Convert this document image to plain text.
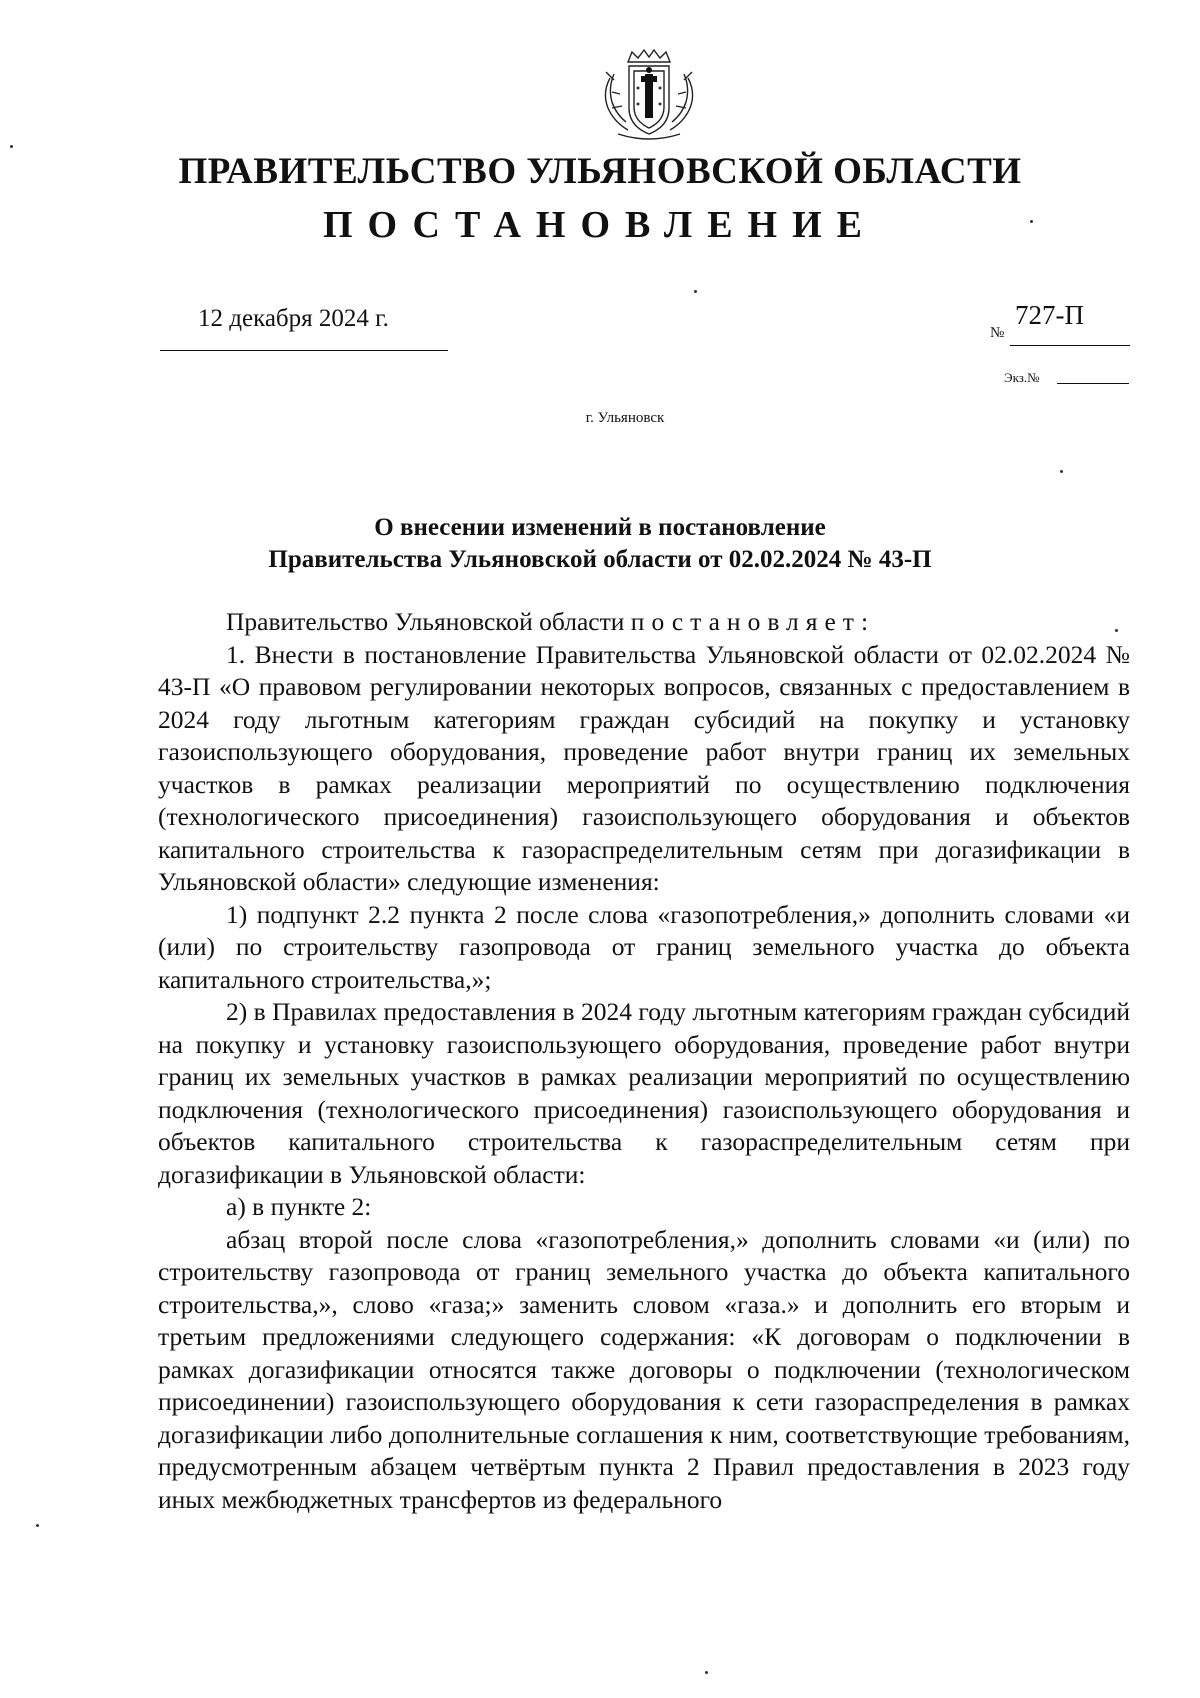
ПРАВИТЕЛЬСТВО УЛЬЯНОВСКОЙ ОБЛАСТИ
ПОСТАНОВЛЕНИЕ
12 декабря 2024 г.
№
727-П
Экз.№
г. Ульяновск
О внесении изменений в постановление
Правительства Ульяновской области от 02.02.2024 № 43-П

Правительство Ульяновской области постановляет:

1. Внести в постановление Правительства Ульяновской области от 02.02.2024 № 43-П «О правовом регулировании некоторых вопросов, связанных с предоставлением в 2024 году льготным категориям граждан субсидий на покупку и установку газоиспользующего оборудования, проведение работ внутри границ их земельных участков в рамках реализации мероприятий по осуществлению подключения (технологического присоединения) газоиспользующего оборудования и объектов капитального строительства к газораспределительным сетям при догазификации в Ульяновской области» следующие изменения:

1) подпункт 2.2 пункта 2 после слова «газопотребления,» дополнить словами «и (или) по строительству газопровода от границ земельного участка до объекта капитального строительства,»;

2) в Правилах предоставления в 2024 году льготным категориям граждан субсидий на покупку и установку газоиспользующего оборудования, проведение работ внутри границ их земельных участков в рамках реализации мероприятий по осуществлению подключения (технологического присоединения) газоиспользующего оборудования и объектов капитального строительства к газораспределительным сетям при догазификации в Ульяновской области:

а) в пункте 2:

абзац второй после слова «газопотребления,» дополнить словами «и (или) по строительству газопровода от границ земельного участка до объекта капитального строительства,», слово «газа;» заменить словом «газа.» и дополнить его вторым и третьим предложениями следующего содержания: «К договорам о подключении в рамках догазификации относятся также договоры о подключении (технологическом присоединении) газоиспользующего оборудования к сети газораспределения в рамках догазификации либо дополнительные соглашения к ним, соответствующие требованиям, предусмотренным абзацем четвёртым пункта 2 Правил предоставления в 2023 году иных межбюджетных трансфертов из федерального
